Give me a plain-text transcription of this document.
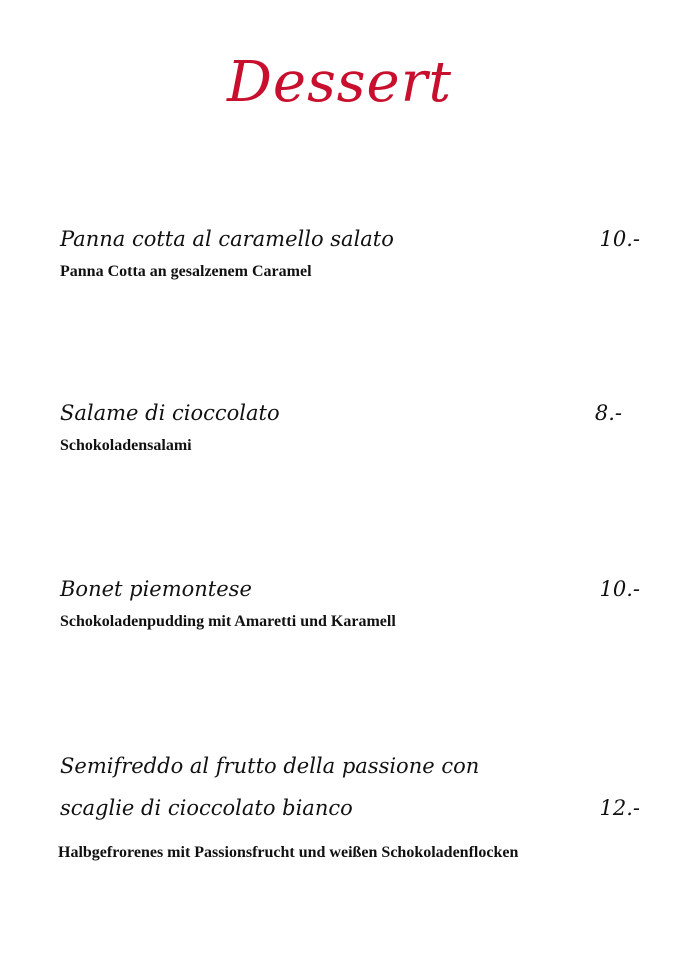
Dessert
10.-
Panna cotta al caramello salato
Panna Cotta an gesalzenem Caramel
8.-
Salame di cioccolato
Schokoladensalami
10.-
Bonet piemontese
Schokoladenpudding mit Amaretti und Karamell
12.-
Semifreddo al frutto della passione con scaglie di cioccolato bianco
Halbgefrorenes mit Passionsfrucht und weißen Schokoladenflocken
